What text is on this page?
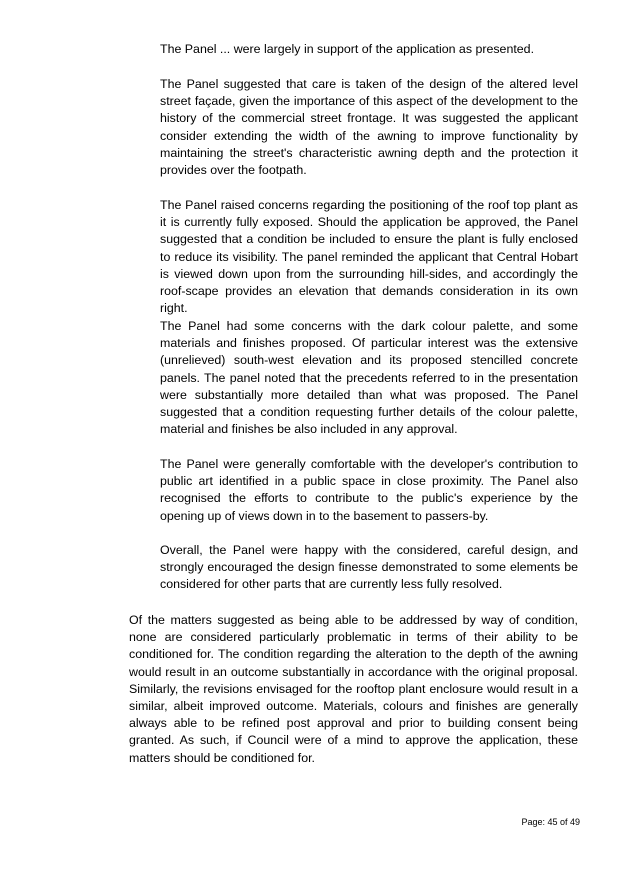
The Panel ... were largely in support of the application as presented.

The Panel suggested that care is taken of the design of the altered level street façade, given the importance of this aspect of the development to the history of the commercial street frontage. It was suggested the applicant consider extending the width of the awning to improve functionality by maintaining the street's characteristic awning depth and the protection it provides over the footpath.

The Panel raised concerns regarding the positioning of the roof top plant as it is currently fully exposed. Should the application be approved, the Panel suggested that a condition be included to ensure the plant is fully enclosed to reduce its visibility. The panel reminded the applicant that Central Hobart is viewed down upon from the surrounding hill-sides, and accordingly the roof-scape provides an elevation that demands consideration in its own right.

The Panel had some concerns with the dark colour palette, and some materials and finishes proposed. Of particular interest was the extensive (unrelieved) south-west elevation and its proposed stencilled concrete panels. The panel noted that the precedents referred to in the presentation were substantially more detailed than what was proposed. The Panel suggested that a condition requesting further details of the colour palette, material and finishes be also included in any approval.

The Panel were generally comfortable with the developer's contribution to public art identified in a public space in close proximity. The Panel also recognised the efforts to contribute to the public's experience by the opening up of views down in to the basement to passers-by.

Overall, the Panel were happy with the considered, careful design, and strongly encouraged the design finesse demonstrated to some elements be considered for other parts that are currently less fully resolved.

Of the matters suggested as being able to be addressed by way of condition, none are considered particularly problematic in terms of their ability to be conditioned for. The condition regarding the alteration to the depth of the awning would result in an outcome substantially in accordance with the original proposal. Similarly, the revisions envisaged for the rooftop plant enclosure would result in a similar, albeit improved outcome. Materials, colours and finishes are generally always able to be refined post approval and prior to building consent being granted. As such, if Council were of a mind to approve the application, these matters should be conditioned for.

Page: 45 of 49
